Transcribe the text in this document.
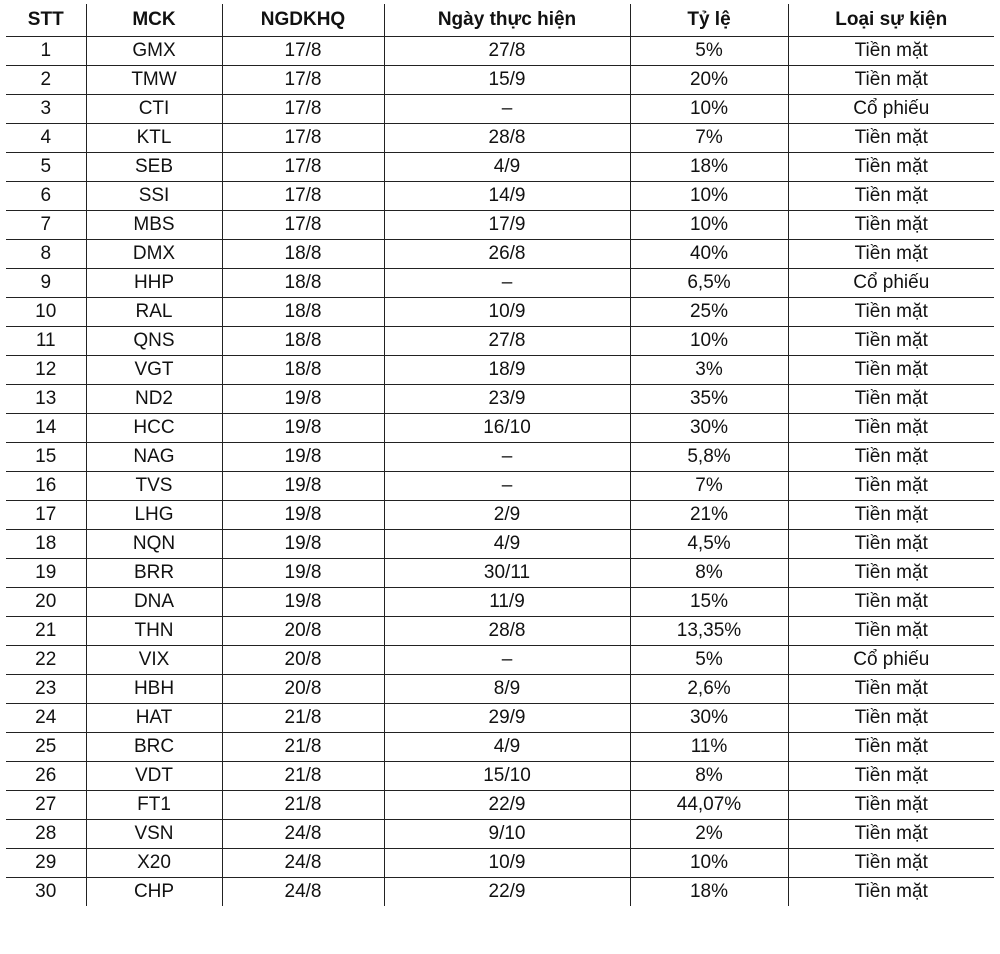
STT	MCK	NGDKHQ	Ngày thực hiện	Tỷ lệ	Loại sự kiện
1	GMX	17/8	27/8	5%	Tiền mặt
2	TMW	17/8	15/9	20%	Tiền mặt
3	CTI	17/8	–	10%	Cổ phiếu
4	KTL	17/8	28/8	7%	Tiền mặt
5	SEB	17/8	4/9	18%	Tiền mặt
6	SSI	17/8	14/9	10%	Tiền mặt
7	MBS	17/8	17/9	10%	Tiền mặt
8	DMX	18/8	26/8	40%	Tiền mặt
9	HHP	18/8	–	6,5%	Cổ phiếu
10	RAL	18/8	10/9	25%	Tiền mặt
11	QNS	18/8	27/8	10%	Tiền mặt
12	VGT	18/8	18/9	3%	Tiền mặt
13	ND2	19/8	23/9	35%	Tiền mặt
14	HCC	19/8	16/10	30%	Tiền mặt
15	NAG	19/8	–	5,8%	Tiền mặt
16	TVS	19/8	–	7%	Tiền mặt
17	LHG	19/8	2/9	21%	Tiền mặt
18	NQN	19/8	4/9	4,5%	Tiền mặt
19	BRR	19/8	30/11	8%	Tiền mặt
20	DNA	19/8	11/9	15%	Tiền mặt
21	THN	20/8	28/8	13,35%	Tiền mặt
22	VIX	20/8	–	5%	Cổ phiếu
23	HBH	20/8	8/9	2,6%	Tiền mặt
24	HAT	21/8	29/9	30%	Tiền mặt
25	BRC	21/8	4/9	11%	Tiền mặt
26	VDT	21/8	15/10	8%	Tiền mặt
27	FT1	21/8	22/9	44,07%	Tiền mặt
28	VSN	24/8	9/10	2%	Tiền mặt
29	X20	24/8	10/9	10%	Tiền mặt
30	CHP	24/8	22/9	18%	Tiền mặt
